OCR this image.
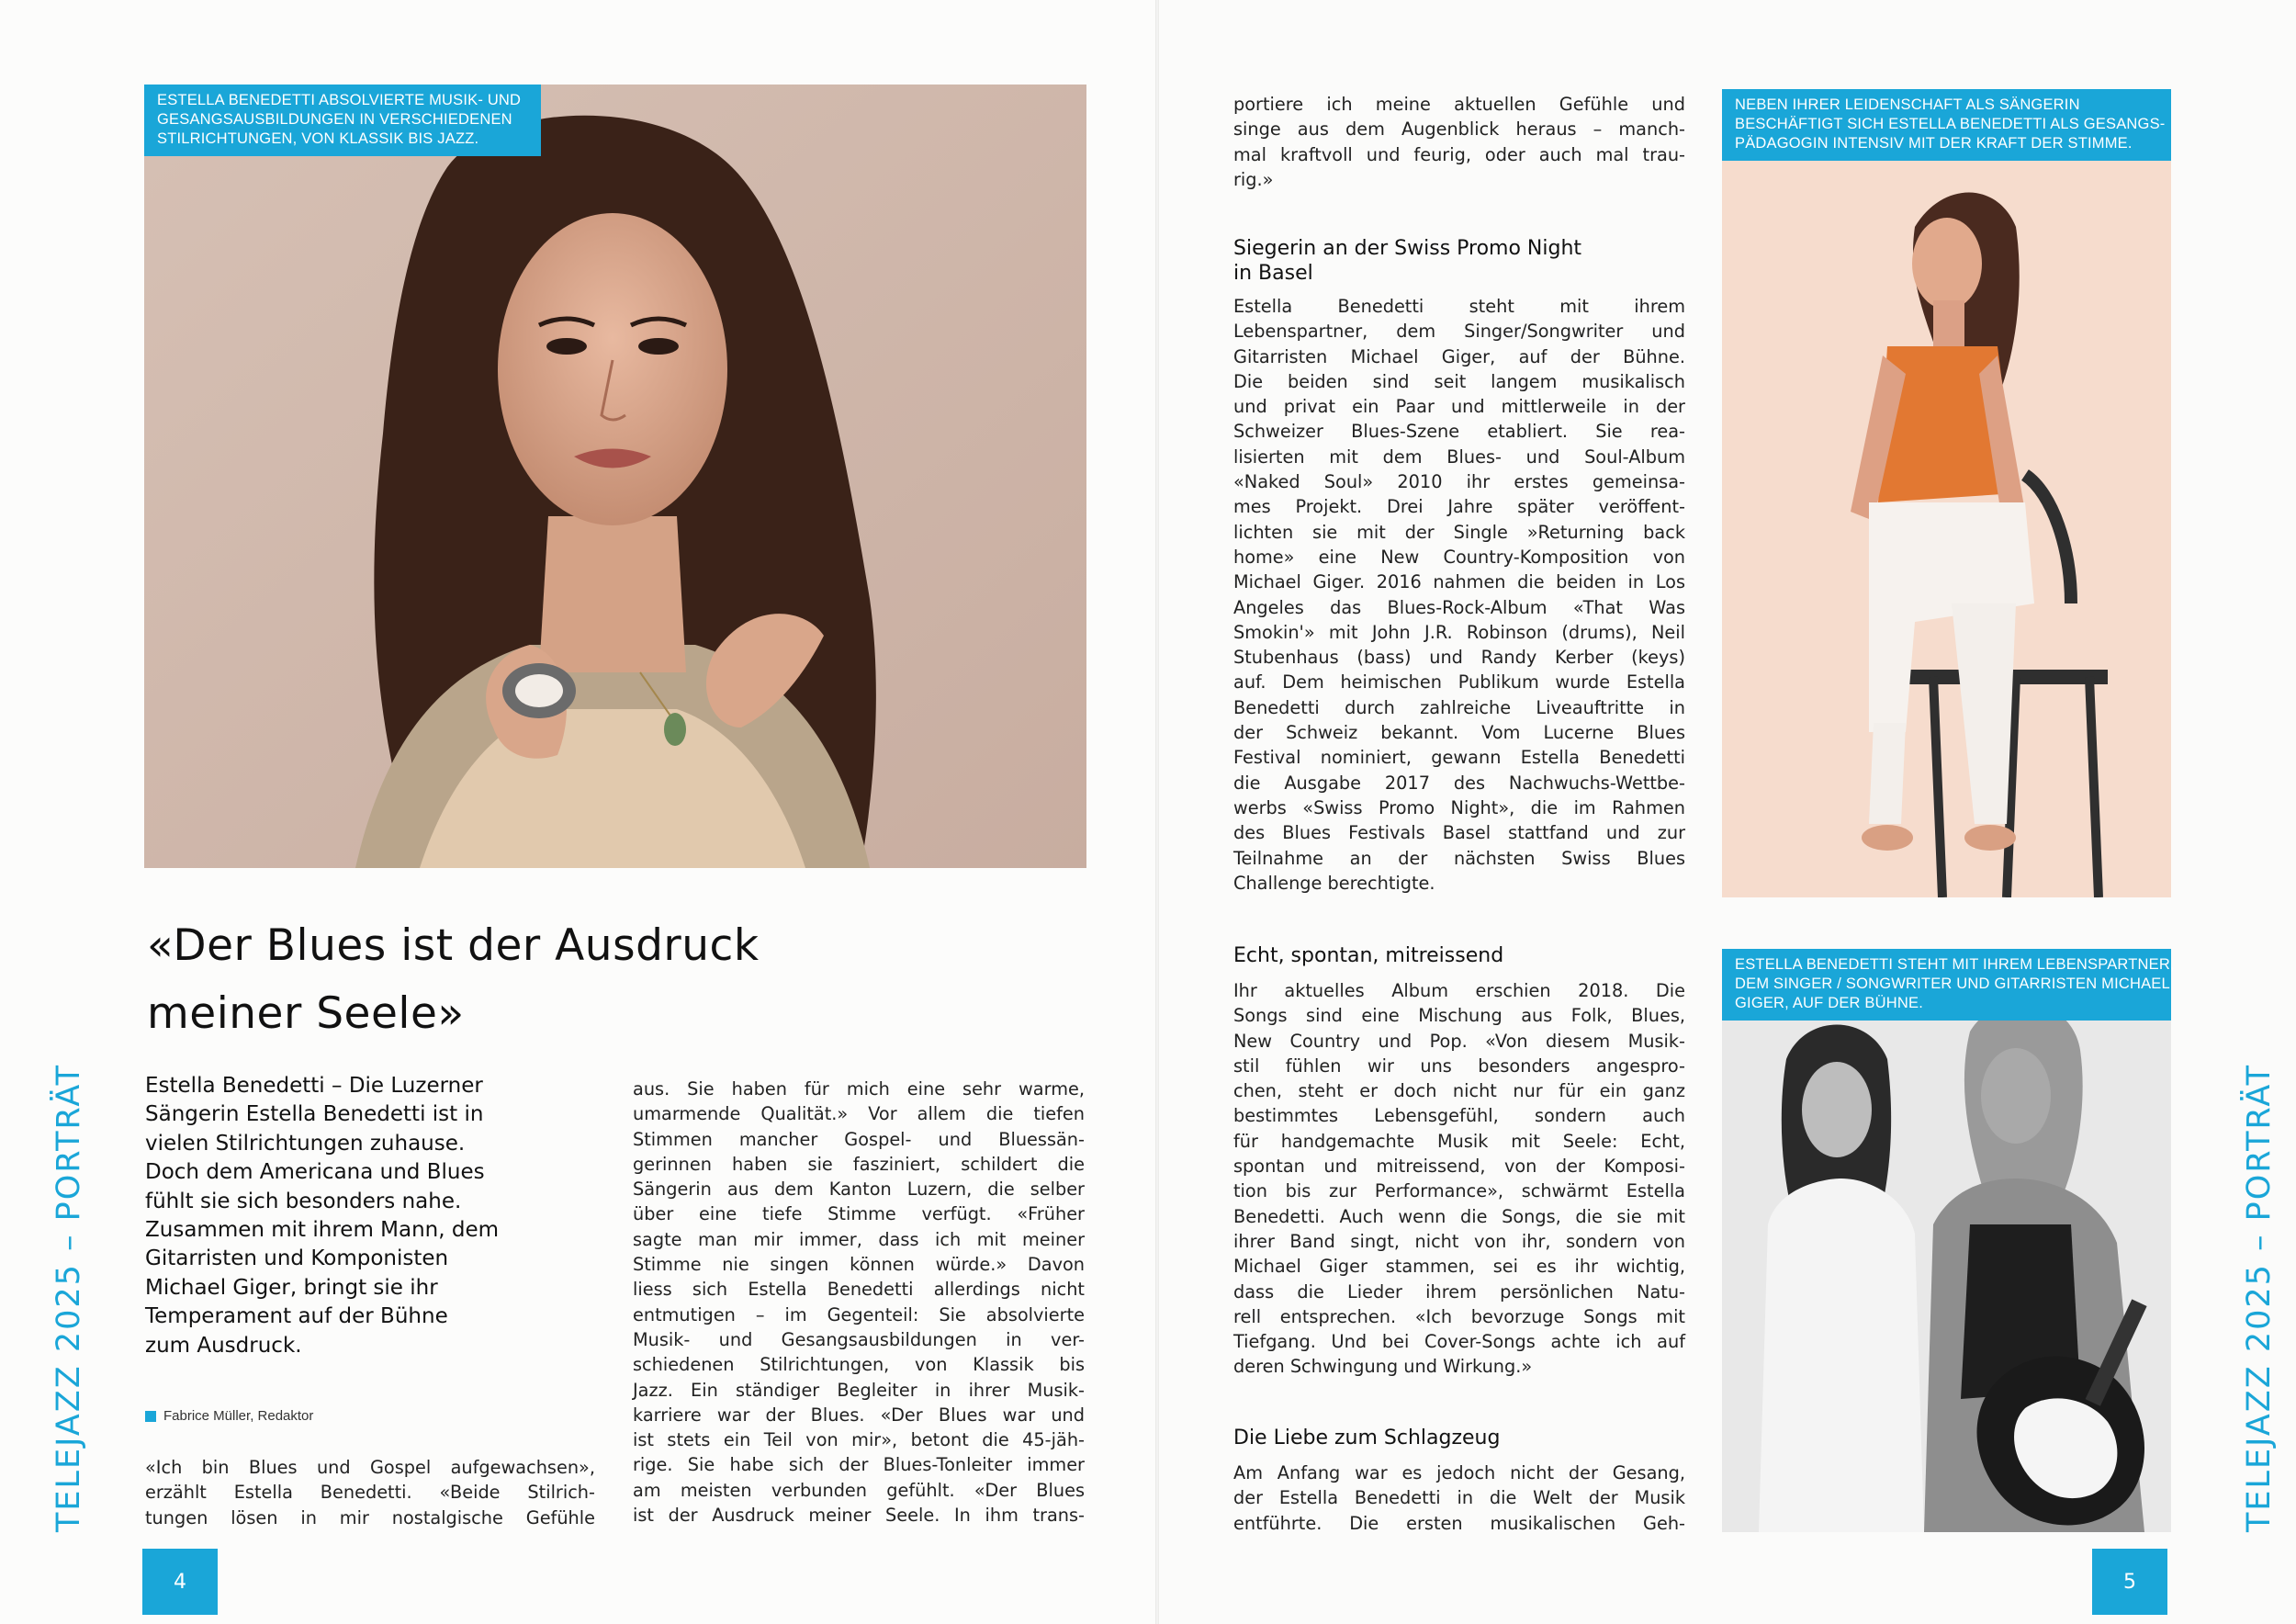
ESTELLA BENEDETTI ABSOLVIERTE MUSIK- UND
GESANGSAUSBILDUNGEN IN VERSCHIEDENEN
STILRICHTUNGEN, VON KLASSIK BIS JAZZ.
«Der Blues ist der Ausdruck
meiner Seele»
Estella Benedetti – Die Luzerner
Sängerin Estella Benedetti ist in
vielen Stilrichtungen zuhause.
Doch dem Americana und Blues
fühlt sie sich besonders nahe.
Zusammen mit ihrem Mann, dem
Gitarristen und Komponisten
Michael Giger, bringt sie ihr
Temperament auf der Bühne
zum Ausdruck.
Fabrice Müller, Redaktor
«Ich bin Blues und Gospel aufgewachsen»,
erzählt Estella Benedetti. «Beide Stilrich-
tungen lösen in mir nostalgische Gefühle
aus. Sie haben für mich eine sehr warme,
umarmende Qualität.» Vor allem die tiefen
Stimmen mancher Gospel- und Bluessän-
gerinnen haben sie fasziniert, schildert die
Sängerin aus dem Kanton Luzern, die selber
über eine tiefe Stimme verfügt. «Früher
sagte man mir immer, dass ich mit meiner
Stimme nie singen können würde.» Davon
liess sich Estella Benedetti allerdings nicht
entmutigen – im Gegenteil: Sie absolvierte
Musik- und Gesangsausbildungen in ver-
schiedenen Stilrichtungen, von Klassik bis
Jazz. Ein ständiger Begleiter in ihrer Musik-
karriere war der Blues. «Der Blues war und
ist stets ein Teil von mir», betont die 45-jäh-
rige. Sie habe sich der Blues-Tonleiter immer
am meisten verbunden gefühlt. «Der Blues
ist der Ausdruck meiner Seele. In ihm trans-
TELEJAZZ 2025 – PORTRÄT
4
portiere ich meine aktuellen Gefühle und
singe aus dem Augenblick heraus – manch-
mal kraftvoll und feurig, oder auch mal trau-
rig.»
Siegerin an der Swiss Promo Night
in Basel
Estella Benedetti steht mit ihrem
Lebenspartner, dem Singer/Songwriter und
Gitarristen Michael Giger, auf der Bühne.
Die beiden sind seit langem musikalisch
und privat ein Paar und mittlerweile in der
Schweizer Blues-Szene etabliert. Sie rea-
lisierten mit dem Blues- und Soul-Album
«Naked Soul» 2010 ihr erstes gemeinsa-
mes Projekt. Drei Jahre später veröffent-
lichten sie mit der Single »Returning back
home» eine New Country-Komposition von
Michael Giger. 2016 nahmen die beiden in Los
Angeles das Blues-Rock-Album «That Was
Smokin'» mit John J.R. Robinson (drums), Neil
Stubenhaus (bass) und Randy Kerber (keys)
auf. Dem heimischen Publikum wurde Estella
Benedetti durch zahlreiche Liveauftritte in
der Schweiz bekannt. Vom Lucerne Blues
Festival nominiert, gewann Estella Benedetti
die Ausgabe 2017 des Nachwuchs-Wettbe-
werbs «Swiss Promo Night», die im Rahmen
des Blues Festivals Basel stattfand und zur
Teilnahme an der nächsten Swiss Blues
Challenge berechtigte.
Echt, spontan, mitreissend
Ihr aktuelles Album erschien 2018. Die
Songs sind eine Mischung aus Folk, Blues,
New Country und Pop. «Von diesem Musik-
stil fühlen wir uns besonders angespro-
chen, steht er doch nicht nur für ein ganz
bestimmtes Lebensgefühl, sondern auch
für handgemachte Musik mit Seele: Echt,
spontan und mitreissend, von der Komposi-
tion bis zur Performance», schwärmt Estella
Benedetti. Auch wenn die Songs, die sie mit
ihrer Band singt, nicht von ihr, sondern von
Michael Giger stammen, sei es ihr wichtig,
dass die Lieder ihrem persönlichen Natu-
rell entsprechen. «Ich bevorzuge Songs mit
Tiefgang. Und bei Cover-Songs achte ich auf
deren Schwingung und Wirkung.»
Die Liebe zum Schlagzeug
Am Anfang war es jedoch nicht der Gesang,
der Estella Benedetti in die Welt der Musik
entführte. Die ersten musikalischen Geh-
NEBEN IHRER LEIDENSCHAFT ALS SÄNGERIN
BESCHÄFTIGT SICH ESTELLA BENEDETTI ALS GESANGS-
PÄDAGOGIN INTENSIV MIT DER KRAFT DER STIMME.
ESTELLA BENEDETTI STEHT MIT IHREM LEBENSPARTNER,
DEM SINGER / SONGWRITER UND GITARRISTEN MICHAEL
GIGER, AUF DER BÜHNE.
TELEJAZZ 2025 – PORTRÄT
5
